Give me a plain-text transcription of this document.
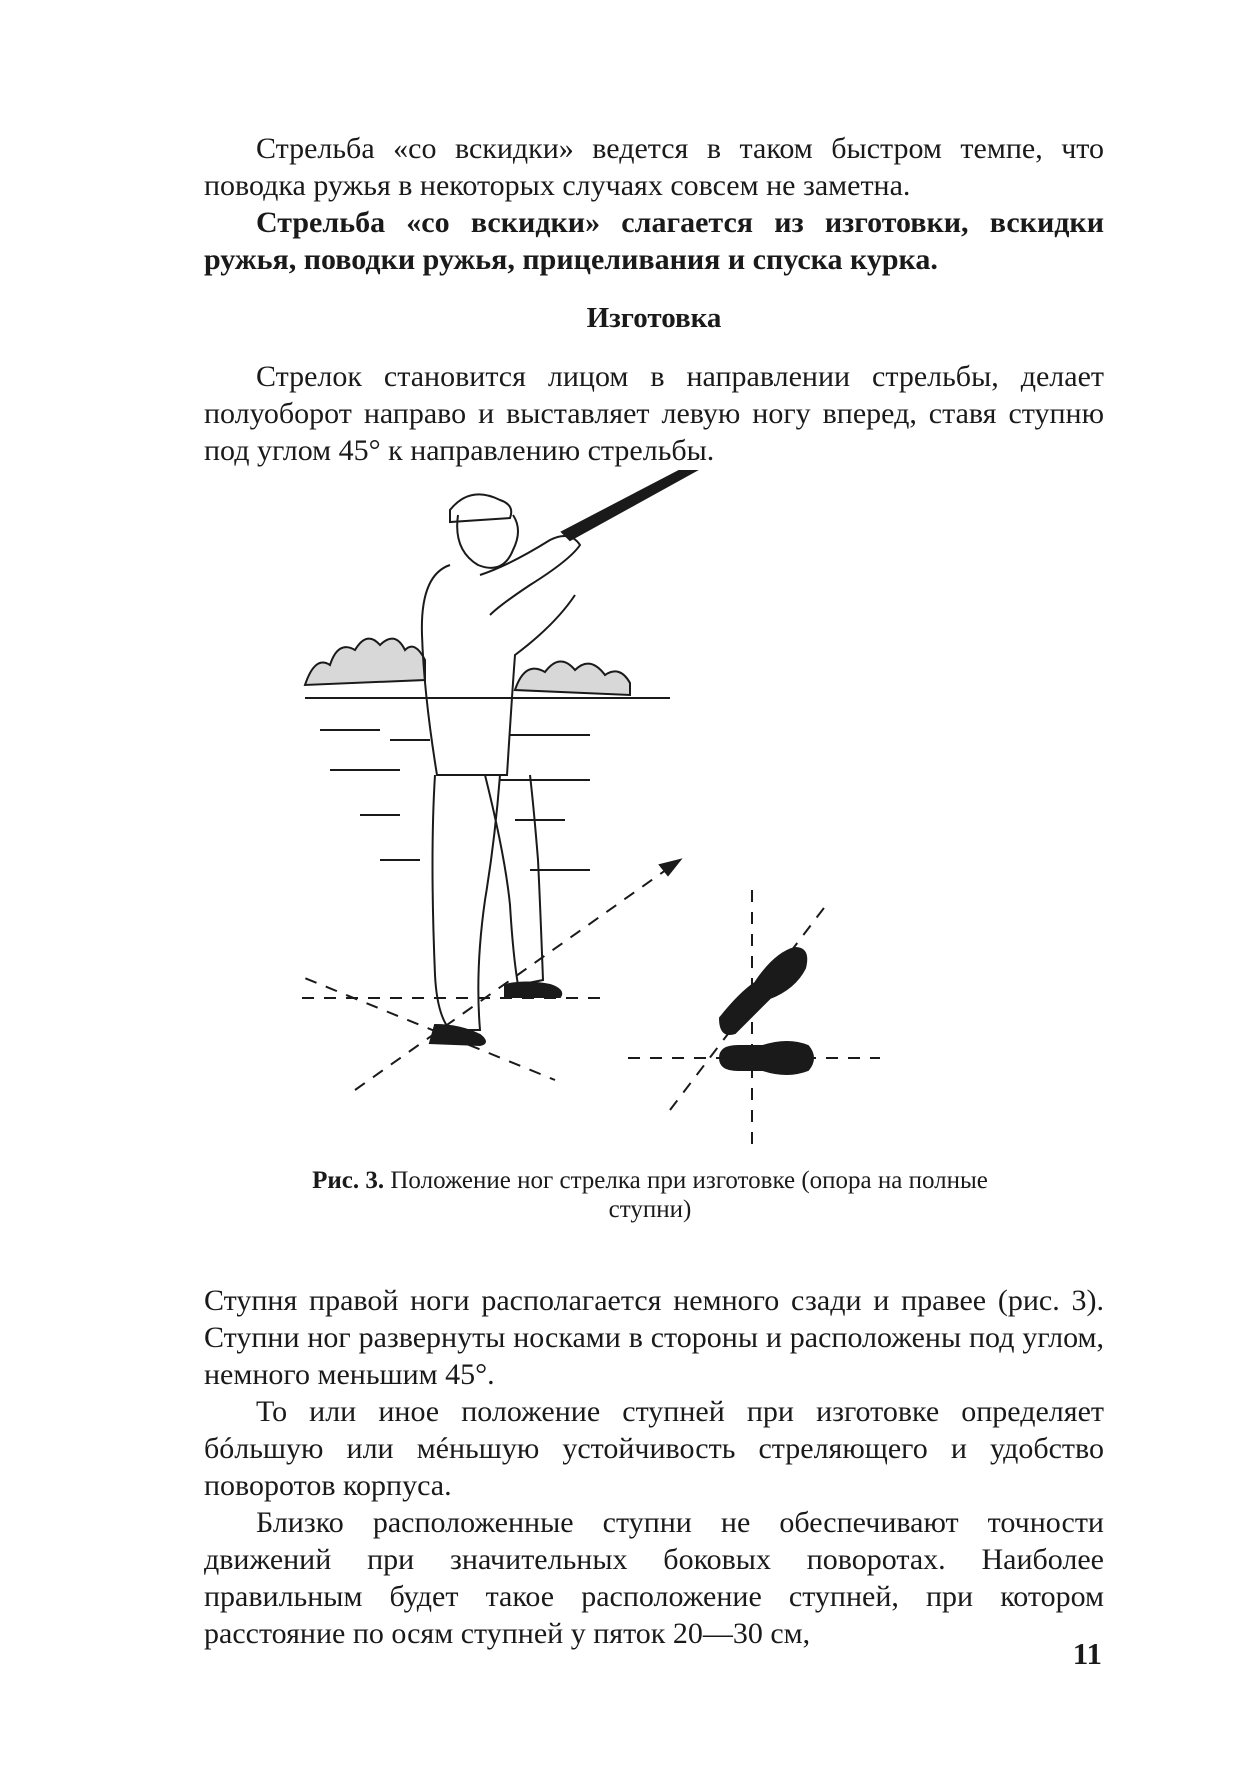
Стрельба «со вскидки» ведется в таком быстром темпе, что поводка ружья в некоторых случаях совсем не заметна.

Стрельба «со вскидки» слагается из изготовки, вскидки ружья, поводки ружья, прицеливания и спуска курка.

Изготовка

Стрелок становится лицом в направлении стрельбы, делает полуоборот направо и выставляет левую ногу вперед, ставя ступню под углом 45° к направлению стрельбы.

Рис. 3. Положение ног стрелка при изготовке (опора на полные ступни)

Ступня правой ноги располагается немного сзади и правее (рис. 3). Ступни ног развернуты носками в стороны и расположены под углом, немного меньшим 45°.

То или иное положение ступней при изготовке определяет бóльшую или мéньшую устойчивость стреляющего и удобство поворотов корпуса.

Близко расположенные ступни не обеспечивают точности движений при значительных боковых поворотах. Наиболее правильным будет такое расположение ступней, при котором расстояние по осям ступней у пяток 20—30 см,

11
